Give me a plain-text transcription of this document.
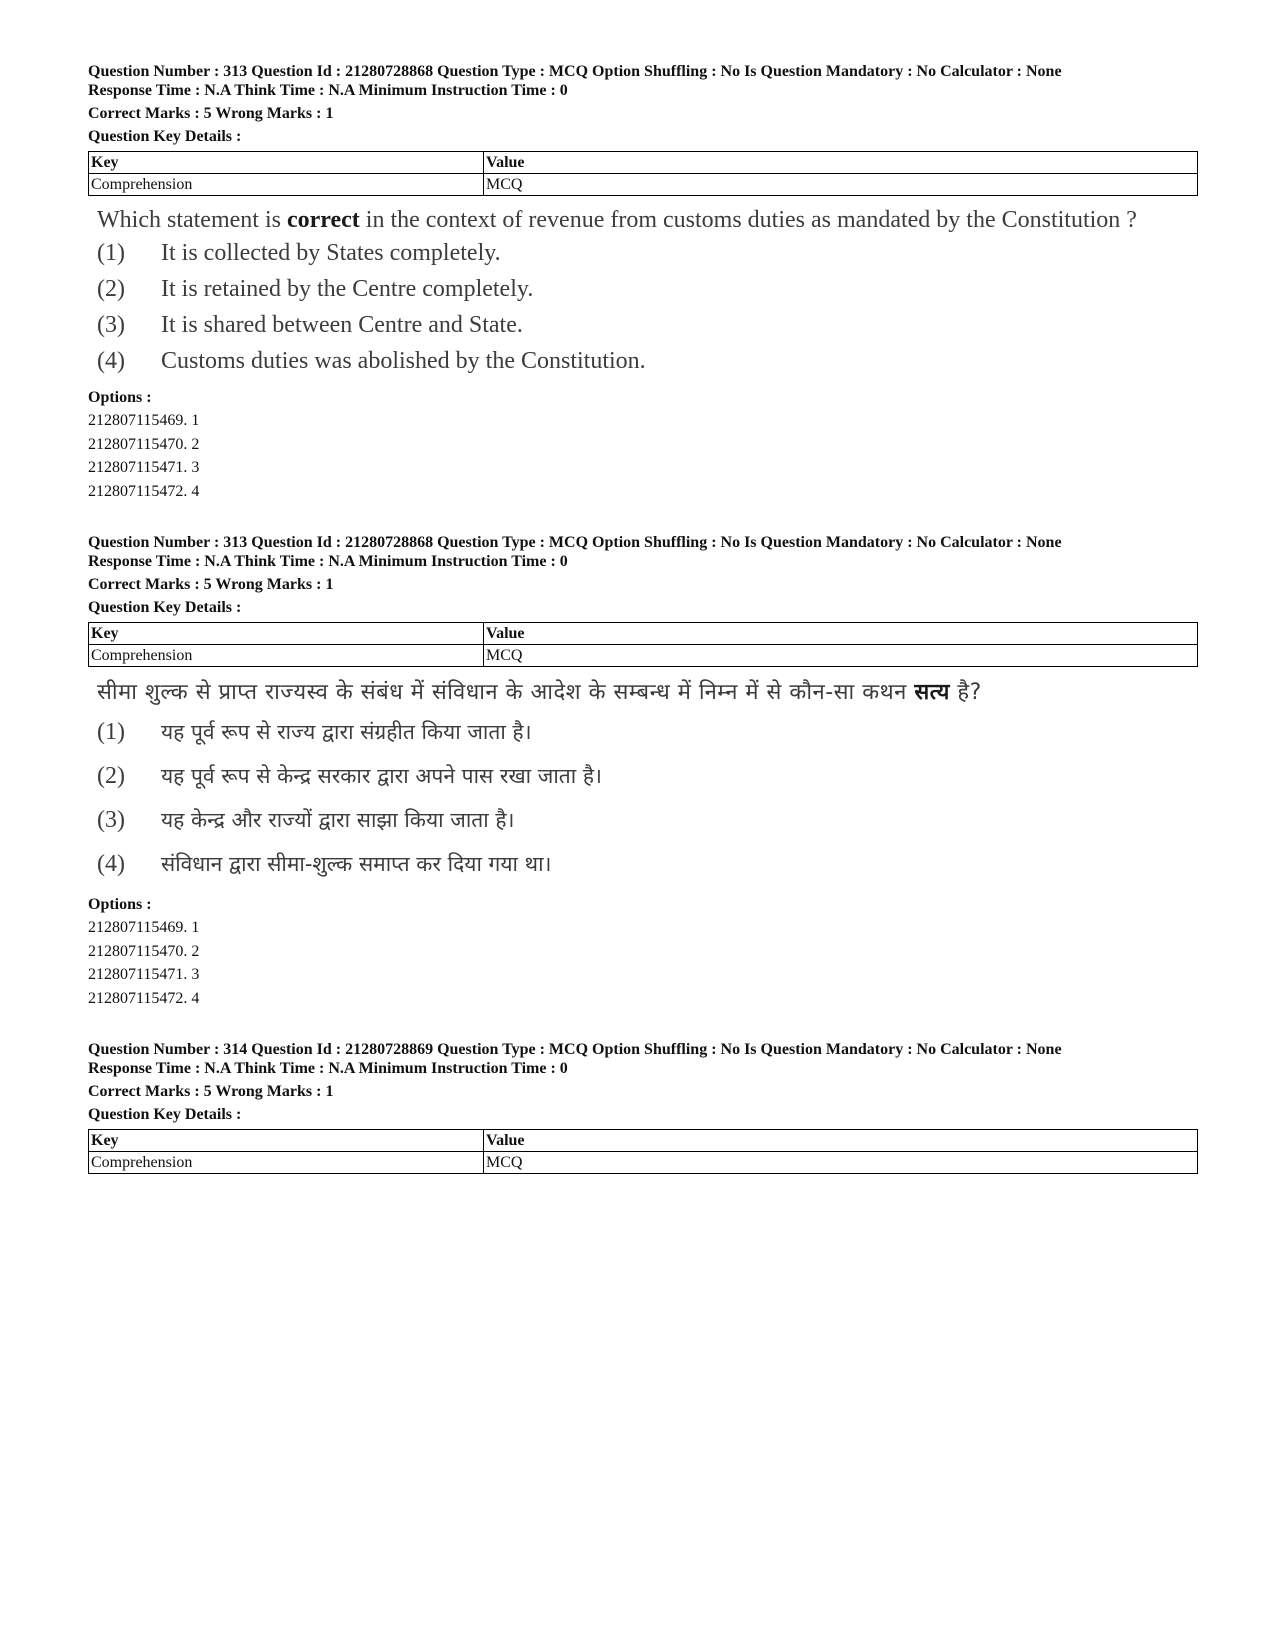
Question Number : 313 Question Id : 21280728868 Question Type : MCQ Option Shuffling : No Is Question Mandatory : No Calculator : None
Response Time : N.A Think Time : N.A Minimum Instruction Time : 0
Correct Marks : 5 Wrong Marks : 1
Question Key Details :
Key	Value
Comprehension	MCQ
Which statement is correct in the context of revenue from customs duties as mandated by the Constitution ?
(1)	It is collected by States completely.
(2)	It is retained by the Centre completely.
(3)	It is shared between Centre and State.
(4)	Customs duties was abolished by the Constitution.
Options :
212807115469. 1
212807115470. 2
212807115471. 3
212807115472. 4
Question Number : 313 Question Id : 21280728868 Question Type : MCQ Option Shuffling : No Is Question Mandatory : No Calculator : None
Response Time : N.A Think Time : N.A Minimum Instruction Time : 0
Correct Marks : 5 Wrong Marks : 1
Question Key Details :
Key	Value
Comprehension	MCQ
सीमा शुल्क से प्राप्त राज्यस्व के संबंध में संविधान के आदेश के सम्बन्ध में निम्न में से कौन-सा कथन सत्य है?
(1)	यह पूर्व रूप से राज्य द्वारा संग्रहीत किया जाता है।
(2)	यह पूर्व रूप से केन्द्र सरकार द्वारा अपने पास रखा जाता है।
(3)	यह केन्द्र और राज्यों द्वारा साझा किया जाता है।
(4)	संविधान द्वारा सीमा-शुल्क समाप्त कर दिया गया था।
Options :
212807115469. 1
212807115470. 2
212807115471. 3
212807115472. 4
Question Number : 314 Question Id : 21280728869 Question Type : MCQ Option Shuffling : No Is Question Mandatory : No Calculator : None
Response Time : N.A Think Time : N.A Minimum Instruction Time : 0
Correct Marks : 5 Wrong Marks : 1
Question Key Details :
Key	Value
Comprehension	MCQ
